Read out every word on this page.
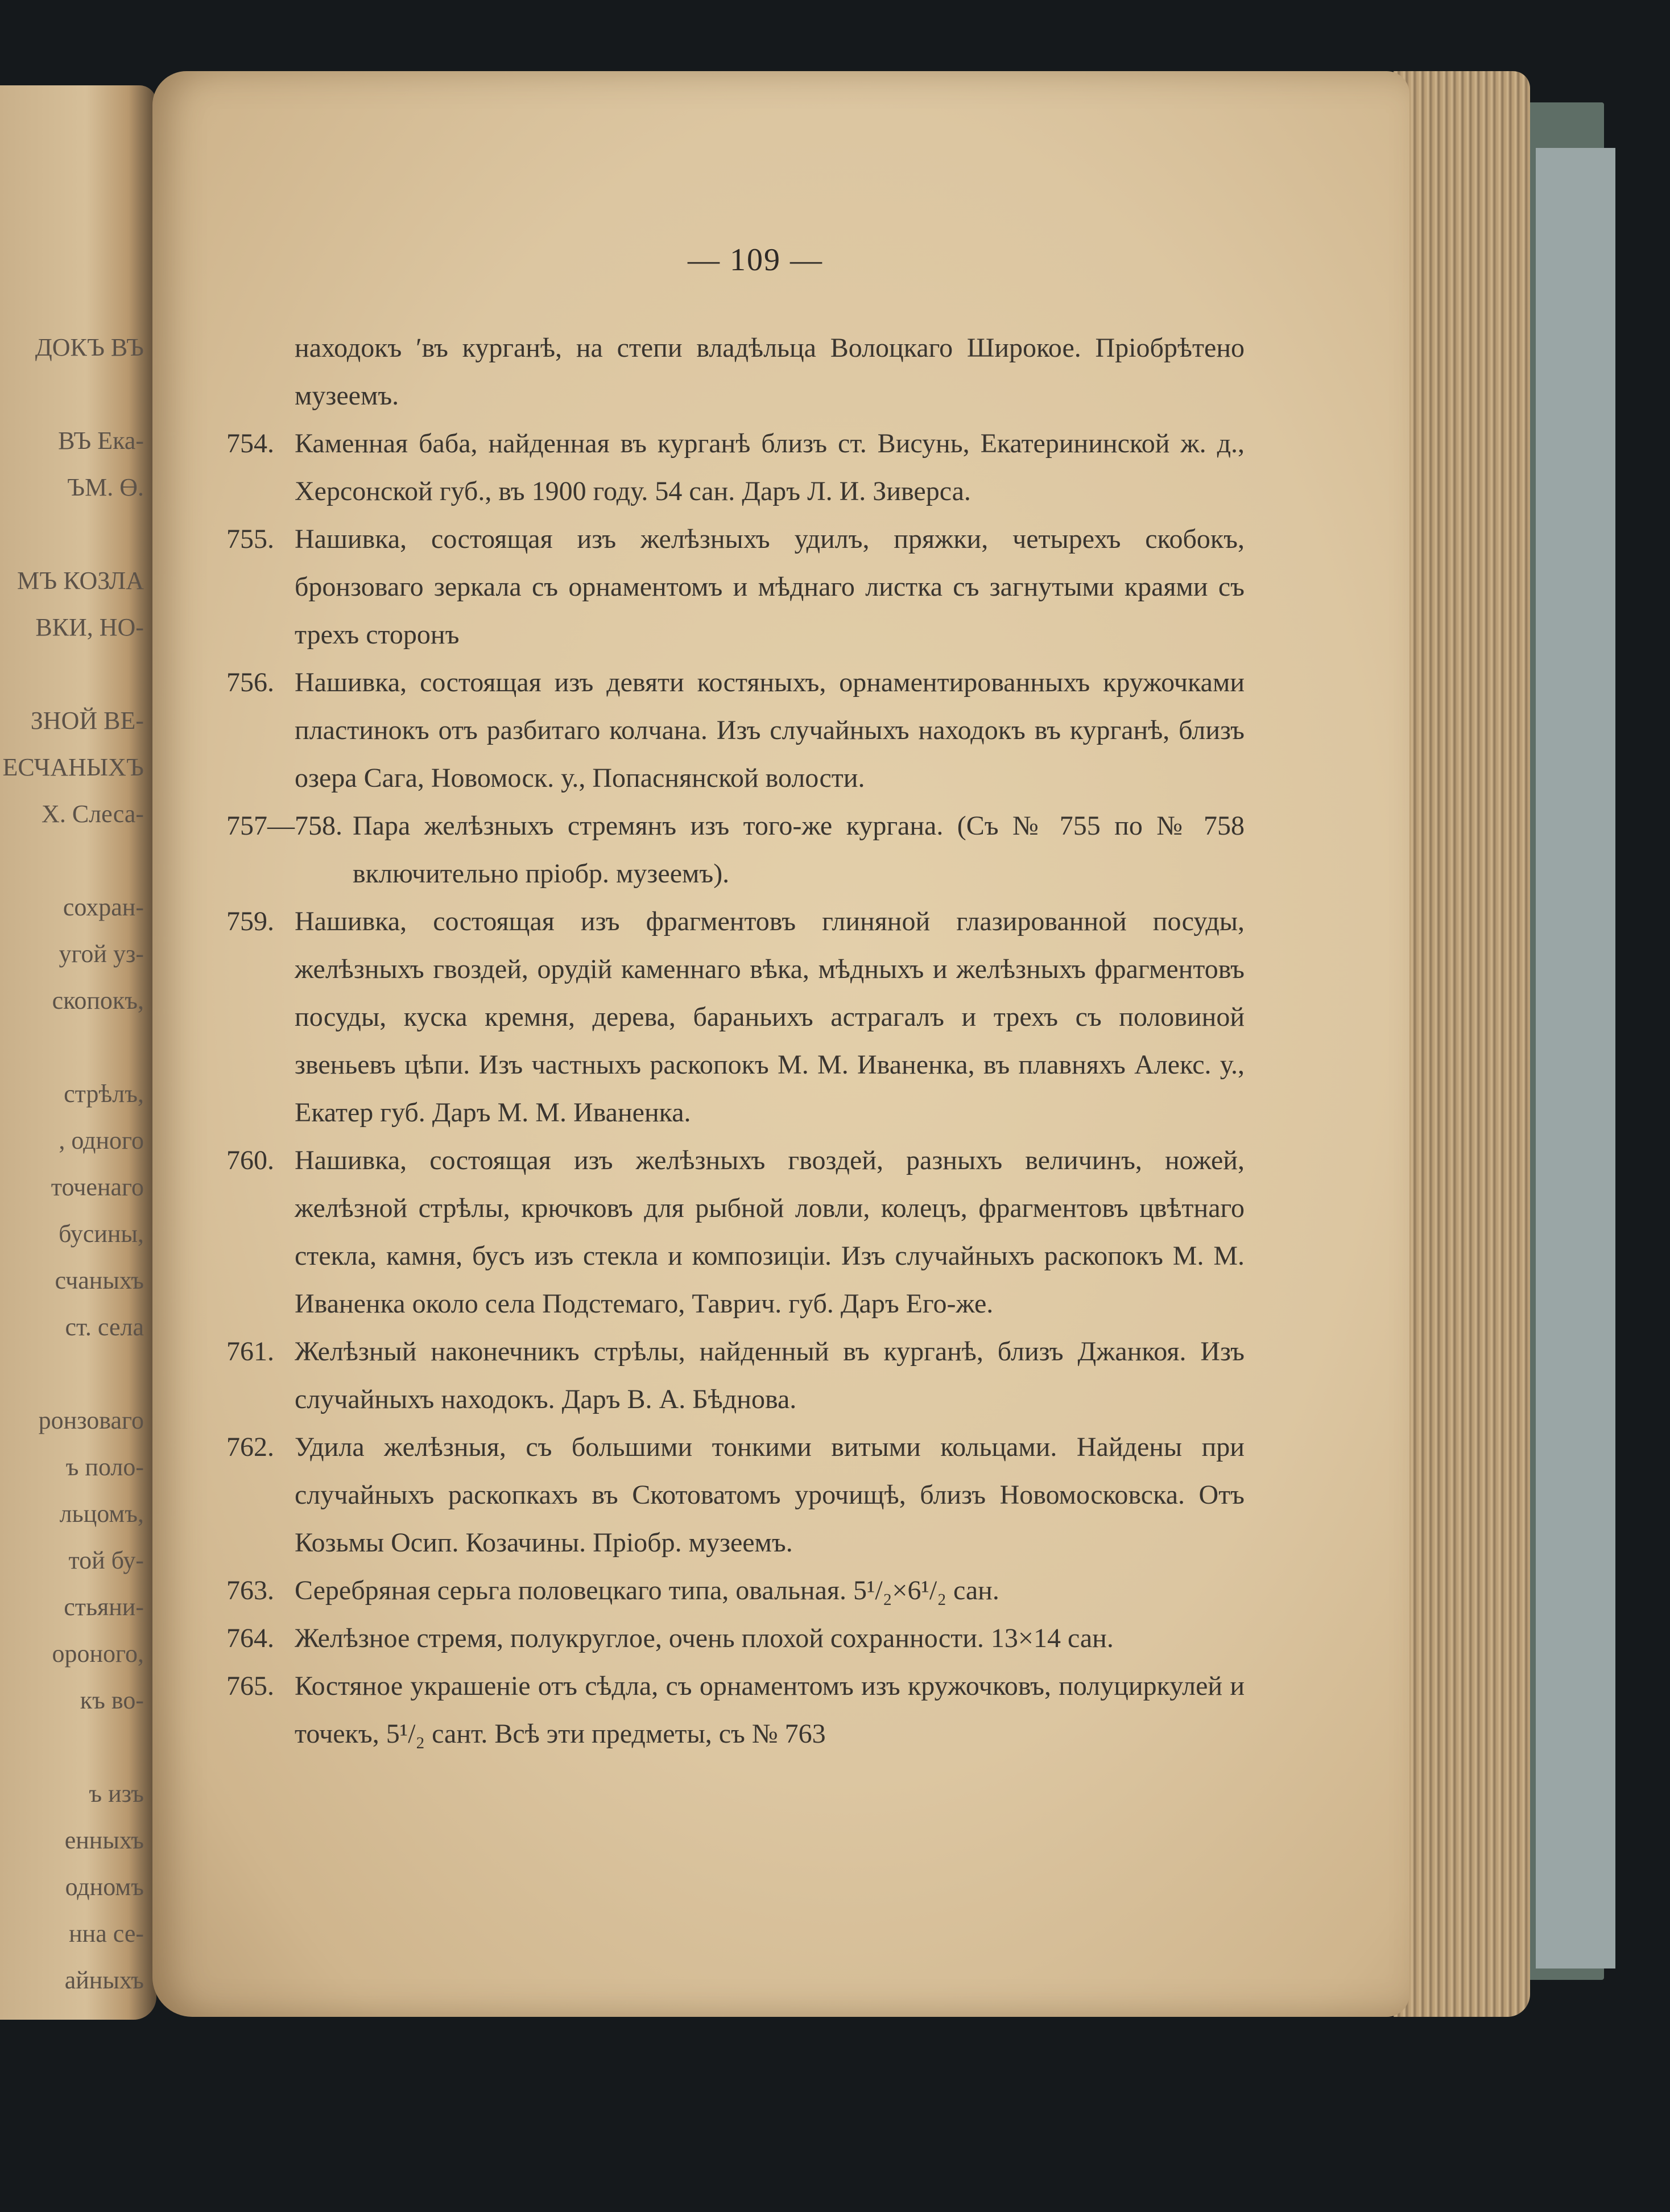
ДОКЪ ВЪ
ВЪ Ека-
ЪМ. Ө.
МЪ КОЗЛА
ВКИ, НО-
ЗНОЙ ВЕ-
ЕСЧАНЫХЪ
Х. Слеса-
сохран-
угой уз-
скопокъ,
стрѣлъ,
, одного
точенаго
бусины,
счаныхъ
ст. села
ронзоваго
ъ поло-
льцомъ,
той бу-
стьяни-
ороного,
къ во-
ъ изъ
енныхъ
одномъ
нна се-
айныхъ
— 109 —
находокъ ʹвъ курганѣ, на степи владѣльца Волоцкаго Широкое. Пріобрѣтено музеемъ.
754. Каменная баба, найденная въ курганѣ близъ ст. Висунь, Екатерининской ж. д., Херсонской губ., въ 1900 году. 54 сан. Даръ Л. И. Зиверса.
755. Нашивка, состоящая изъ желѣзныхъ удилъ, пряжки, четырехъ скобокъ, бронзоваго зеркала съ орнаментомъ и мѣднаго листка съ загнутыми краями съ трехъ сторонъ
756. Нашивка, состоящая изъ девяти костяныхъ, орнаментированныхъ кружочками пластинокъ отъ разбитаго колчана. Изъ случайныхъ находокъ въ курганѣ, близъ озера Сага, Новомоск. у., Попаснянской волости.
757—758. Пара желѣзныхъ стремянъ изъ того-же кургана. (Съ № 755 по № 758 включительно пріобр. музеемъ).
759. Нашивка, состоящая изъ фрагментовъ глиняной глазированной посуды, желѣзныхъ гвоздей, орудій каменнаго вѣка, мѣдныхъ и желѣзныхъ фрагментовъ посуды, куска кремня, дерева, бараньихъ астрагалъ и трехъ съ половиной звеньевъ цѣпи. Изъ частныхъ раскопокъ М. М. Иваненка, въ плавняхъ Алекс. у., Екатер губ. Даръ М. М. Иваненка.
760. Нашивка, состоящая изъ желѣзныхъ гвоздей, разныхъ величинъ, ножей, желѣзной стрѣлы, крючковъ для рыбной ловли, колецъ, фрагментовъ цвѣтнаго стекла, камня, бусъ изъ стекла и композиціи. Изъ случайныхъ раскопокъ М. М. Иваненка около села Подстемаго, Таврич. губ. Даръ Его-же.
761. Желѣзный наконечникъ стрѣлы, найденный въ курганѣ, близъ Джанкоя. Изъ случайныхъ находокъ. Даръ В. А. Бѣднова.
762. Удила желѣзныя, съ большими тонкими витыми кольцами. Найдены при случайныхъ раскопкахъ въ Скотоватомъ урочищѣ, близъ Новомосковска. Отъ Козьмы Осип. Козачины. Пріобр. музеемъ.
763. Серебряная серьга половецкаго типа, овальная. 5¹/₂×6¹/₂ сан.
764. Желѣзное стремя, полукруглое, очень плохой сохранности. 13×14 сан.
765. Костяное украшеніе отъ сѣдла, съ орнаментомъ изъ кружочковъ, полуциркулей и точекъ, 5¹/₂ сант. Всѣ эти предметы, съ № 763
